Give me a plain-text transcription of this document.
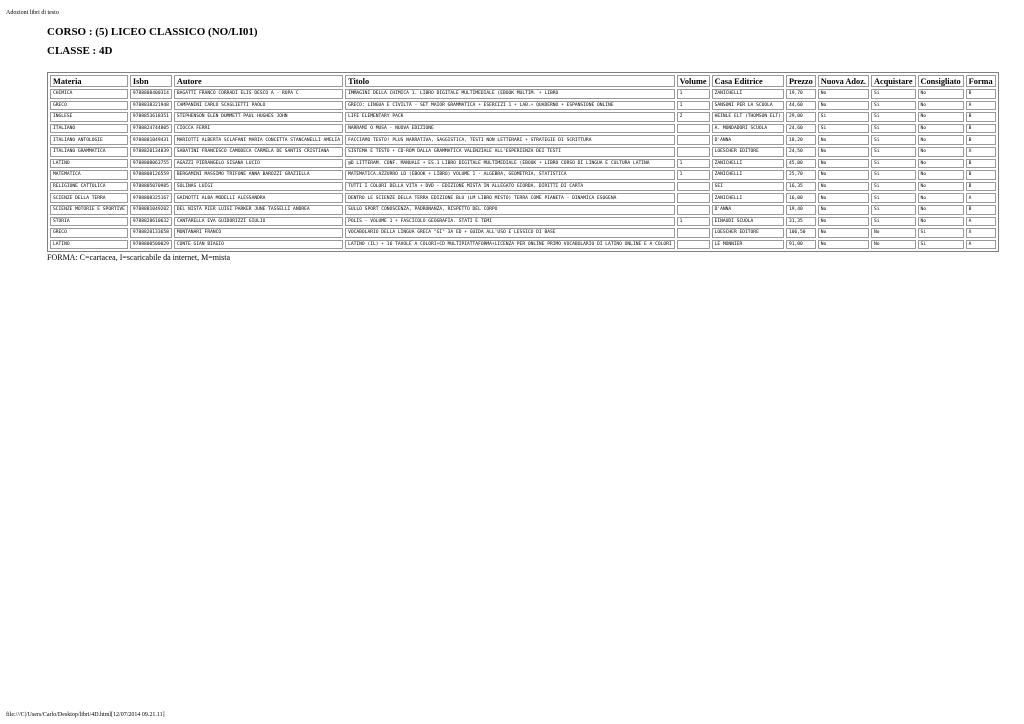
Adozioni libri di testo
CORSO : (5) LICEO CLASSICO (NO/LI01)
CLASSE : 4D
Materia	Isbn	Autore	Titolo	Volume	Casa Editrice	Prezzo	Nuova Adoz.	Acquistare	Consigliato	Forma
CHIMICA	9788808400314	BAGATTI FRANCO CORRADI ELIS DESCO A - ROPA C	IMMAGINI DELLA CHIMICA 1. LIBRO DIGITALE MULTIMEDIALE (EBOOK MULTIM. + LIBRO	1	ZANICHELLI	19,70	No	Si	No	B
GRECO	9788838321948	CAMPANINI CARLO SCAGLIETTI PAOLO	GRECO: LINGUA E CIVILTÀ - SET MAIOR GRAMMATICA + ESERCIZI 1 + LAB.+ QUADERNO + ESPANSIONE ONLINE	1	SANSONI PER LA SCUOLA	44,60	No	Si	No	A
INGLESE	9788853618351	STEPHENSON ELEN DUMMETT PAUL HUGHES JOHN	LIFE ELEMENTARY PACK	2	HEINLE ELT (THOMSON ELT)	29,00	Si	Si	No	B
ITALIANO	9788824744805	CIOCCA FERRI	NARRAMI O MUSA - NUOVA EDIZIONE		A. MONDADORI SCUOLA	24,60	Si	Si	No	B
ITALIANO ANTOLOGIE	9788881049431	MARIOTTI ALBERTA SCLAFANI MARIA CONCETTA STANCANELLI AMELIA	FACCIAMO TESTO! PLUS NARRATIVA, SAGGISTICA, TESTI NON LETTERARI + STRATEGIE DI SCRITTURA		D'ANNA	18,20	No	Si	No	B
ITALIANO GRAMMATICA	9788820134839	SABATINI FRANCESCO CAMODECA CARMELA DE SANTIS CRISTIANA	SISTEMA E TESTO + CD-ROM DALLA GRAMMATICA VALENZIALE ALL'ESPERIENZA DEI TESTI		LOESCHER EDITORE	24,50	No	Si	No	X
LATINO	9788808063755	AGAZZI PIERANGELO SISANA LUCIO	@D LITTERAM. CONF. MANUALE + ES.1 LIBRO DIGITALE MULTIMEDIALE (EBOOK + LIBRO CORSO DI LINGUA E CULTURA LATINA	1	ZANICHELLI	45,00	No	Si	No	B
MATEMATICA	9788808126559	BERGAMINI MASSIMO TRIFONE ANNA BAROZZI GRAZIELLA	MATEMATICA.AZZURRO LD (EBOOK + LIBRO) VOLUME 1 - ALGEBRA, GEOMETRIA, STATISTICA	1	ZANICHELLI	25,70	No	Si	No	B
RELIGIONE CATTOLICA	9788805070985	SOLINAS LUIGI	TUTTI I COLORI DELLA VITA + DVD - EDIZIONE MISTA IN ALLEGATO GIORDA, DIRITTI DI CARTA		SEI	16,35	No	Si	No	B
SCIENZE DELLA TERRA	9788808325167	GAINOTTI ALBA MODELLI ALESSANDRA	DENTRO LE SCIENZE DELLA TERRA EDIZIONE BLU (LM LIBRO MISTO) TERRA COME PIANETA - DINAMICA ESOGENA		ZANICHELLI	16,00	No	Si	No	A
SCIENZE MOTORIE E SPORTIVE	9788881049202	DEL NISTA PIER LUIGI PARKER JUNE TASSELLI ANDREA	SULLO SPORT CONOSCENZA, PADRONANZA, RISPETTO DEL CORPO		D'ANNA	19,40	No	Si	No	B
STORIA	9788828610632	CANTARELLA EVA GUIDORIZZI GIULIO	POLIS - VOLUME 1 + FASCICOLO GEOGRAFIA. STATI E TEMI	1	EINAUDI SCUOLA	31,35	No	Si	No	A
GRECO	9788820133658	MONTANARI FRANCO	VOCABOLARIO DELLA LINGUA GRECA "GI" 3A ED + GUIDA ALL'USO E LESSICO DI BASE		LOESCHER EDITORE	106,50	No	No	Si	X
LATINO	9788800500029	CONTE GIAN BIAGIO	LATINO (IL) + 16 TAVOLE A COLORI+CD MULTIPIATTAFORMA+LICENZA PER ONLINE PRIMO VOCABOLARIO DI LATINO ONLINE E A COLORI		LE MONNIER	91,00	No	No	Si	A
FORMA: C=cartacea, I=scaricabile da internet, M=mista
file:///C|/Users/Carlo/Desktop/libri/4D.html[12/07/2014 09.21.11]
